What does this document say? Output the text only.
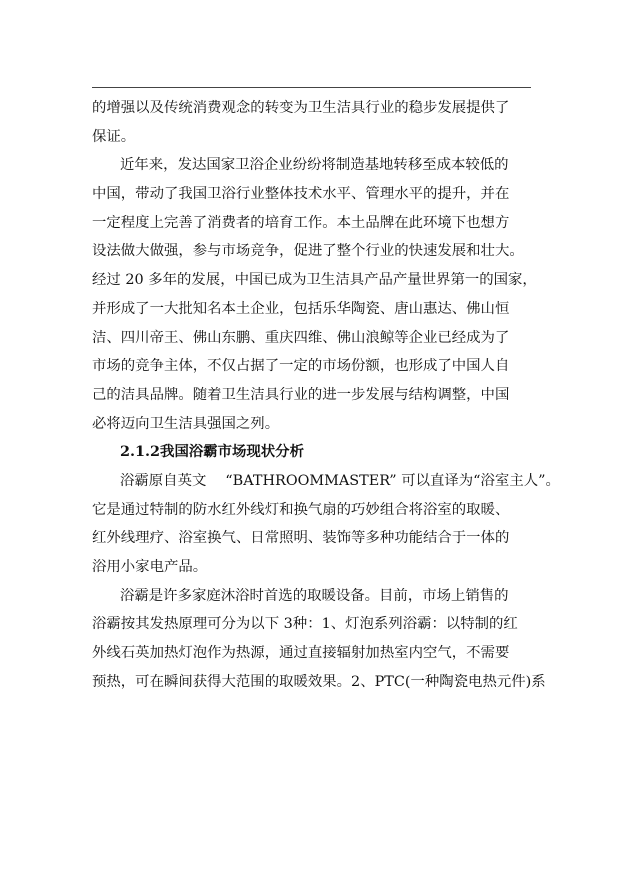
的增强以及传统消费观念的转变为卫生洁具行业的稳步发展提供了
保证。
近年来，发达国家卫浴企业纷纷将制造基地转移至成本较低的
中国，带动了我国卫浴行业整体技术水平、管理水平的提升，并在
一定程度上完善了消费者的培育工作。本土品牌在此环境下也想方
设法做大做强，参与市场竞争，促进了整个行业的快速发展和壮大。
经过 20 多年的发展，中国已成为卫生洁具产品产量世界第一的国家，
并形成了一大批知名本土企业，包括乐华陶瓷、唐山惠达、佛山恒
洁、四川帝王、佛山东鹏、重庆四维、佛山浪鲸等企业已经成为了
市场的竞争主体，不仅占据了一定的市场份额，也形成了中国人自
己的洁具品牌。随着卫生洁具行业的进一步发展与结构调整，中国
必将迈向卫生洁具强国之列。
2.1.2我国浴霸市场现状分析
浴霸原自英文　 “BATHROOMMASTER” 可以直译为“浴室主人”。
它是通过特制的防水红外线灯和换气扇的巧妙组合将浴室的取暖、
红外线理疗、浴室换气、日常照明、装饰等多种功能结合于一体的
浴用小家电产品。
浴霸是许多家庭沐浴时首选的取暖设备。目前，市场上销售的
浴霸按其发热原理可分为以下 3种：1、灯泡系列浴霸：以特制的红
外线石英加热灯泡作为热源，通过直接辐射加热室内空气，不需要
预热，可在瞬间获得大范围的取暖效果。2、PTC(一种陶瓷电热元件)系
